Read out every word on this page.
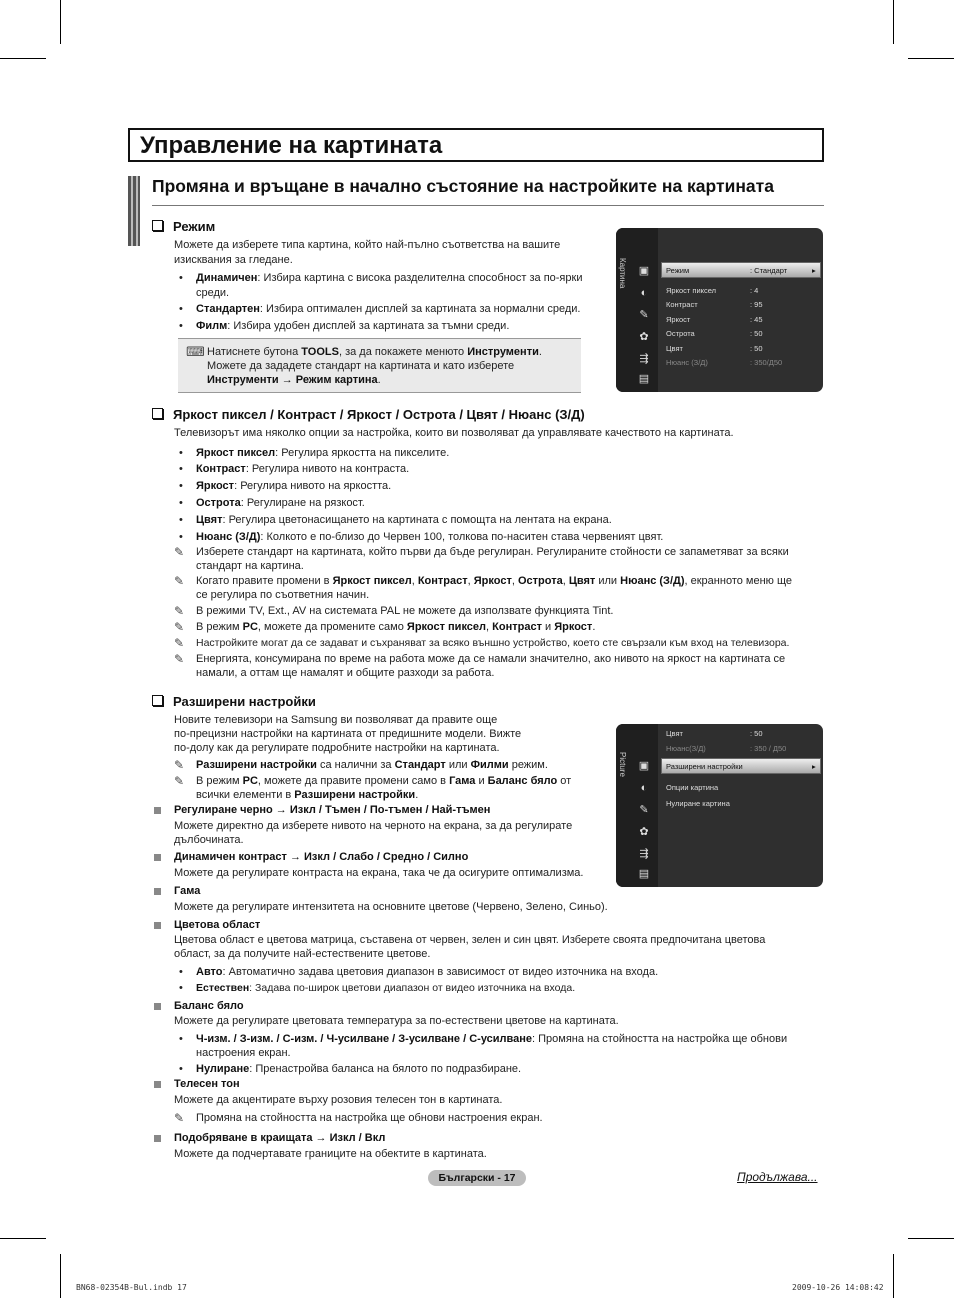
Управление на картината
Промяна и връщане в начално състояние на настройките на картината
Режим
Можете да изберете типа картина, който най-пълно съответства на вашите
изисквания за гледане.
• Динамичен: Избира картина с висока разделителна способност за по-ярки
среди.
• Стандартен: Избира оптимален дисплей за картината за нормални среди.
• Филм: Избира удобен дисплей за картината за тъмни среди.
⌨ Натиснете бутона TOOLS, за да покажете менюто Инструменти.
Можете да зададете стандарт на картината и като изберете
Инструменти → Режим картина.
Картина ▣
◐
✎
✿
⇶
▤
Режим	: Стандарт	▸
Яркост пиксел	: 4
Контраст	: 95
Яркост	: 45
Острота	: 50
Цвят	: 50
Нюанс (З/Д)	: 350/Д50
Яркост пиксел / Контраст / Яркост / Острота / Цвят / Нюанс (З/Д)
Телевизорът има няколко опции за настройка, които ви позволяват да управлявате качеството на картината.
• Яркост пиксел: Регулира яркостта на пикселите.
• Контраст: Регулира нивото на контраста.
• Яркост: Регулира нивото на яркостта.
• Острота: Регулиране на рязкост.
• Цвят: Регулира цветонасищането на картината с помощта на лентата на екрана.
• Нюанс (З/Д): Колкото е по-близо до Червен 100, толкова по-наситен става червеният цвят.
✎ Изберете стандарт на картината, който първи да бъде регулиран. Регулираните стойности се запаметяват за всяки
стандарт на картина.
✎ Когато правите промени в Яркост пиксел, Контраст, Яркост, Острота, Цвят или Нюанс (З/Д), екранното меню ще
се регулира по съответния начин.
✎ В режими TV, Ext., AV на системата PAL не можете да използвате функцията Tint.
✎ В режим PC, можете да промените само Яркост пиксел, Контраст и Яркост.
✎ Настройките могат да се задават и съхраняват за всяко външно устройство, което сте свързали към вход на телевизора.
✎ Енергията, консумирана по време на работа може да се намали значително, ако нивото на яркост на картината се
намали, а оттам ще намалят и общите разходи за работа.
Разширени настройки
Новите телевизори на Samsung ви позволяват да правите още
по-прецизни настройки на картината от предишните модели. Вижте
по-долу как да регулирате подробните настройки на картината.
✎ Разширени настройки са налични за Стандарт или Филми режим.
✎ В режим PC, можете да правите промени само в Гама и Баланс бяло от
всички елементи в Разширени настройки.
Регулиране черно → Изкл / Тъмен / По-тъмен / Най-тъмен
Можете директно да изберете нивото на черното на екрана, за да регулирате
дълбочината.
Динамичен контраст → Изкл / Слабо / Средно / Силно
Можете да регулирате контраста на екрана, така че да осигурите оптимализма.
Гама
Можете да регулирате интензитета на основните цветове (Червено, Зелено, Синьо).
Цветова област
Цветова област е цветова матрица, съставена от червен, зелен и син цвят. Изберете своята предпочитана цветова
област, за да получите най-естествените цветове.
• Авто: Автоматично задава цветовия диапазон в зависимост от видео източника на входа.
• Естествен: Задава по-широк цветови диапазон от видео източника на входа.
Баланс бяло
Можете да регулирате цветовата температура за по-естествени цветове на картината.
• Ч-изм. / З-изм. / С-изм. / Ч-усилване / З-усилване / С-усилване: Промяна на стойността на настройка ще обнови
настроения екран.
• Нулиране: Пренастройва баланса на бялото по подразбиране.
Телесен тон
Можете да акцентирате върху розовия телесен тон в картината.
✎ Промяна на стойността на настройка ще обнови настроения екран.
Подобряване в краищата → Изкл / Вкл
Можете да подчертавате границите на обектите в картината.
Picture ▣
◐
✎
✿
⇶
▤
Цвят	: 50
Нюанс(З/Д)	: 350 / Д50
Разширени настройки	▸
Опции картина
Нулиране картина
Български - 17	Продължава...
BN68-02354B-Bul.indb 17	2009-10-26 14:08:42
